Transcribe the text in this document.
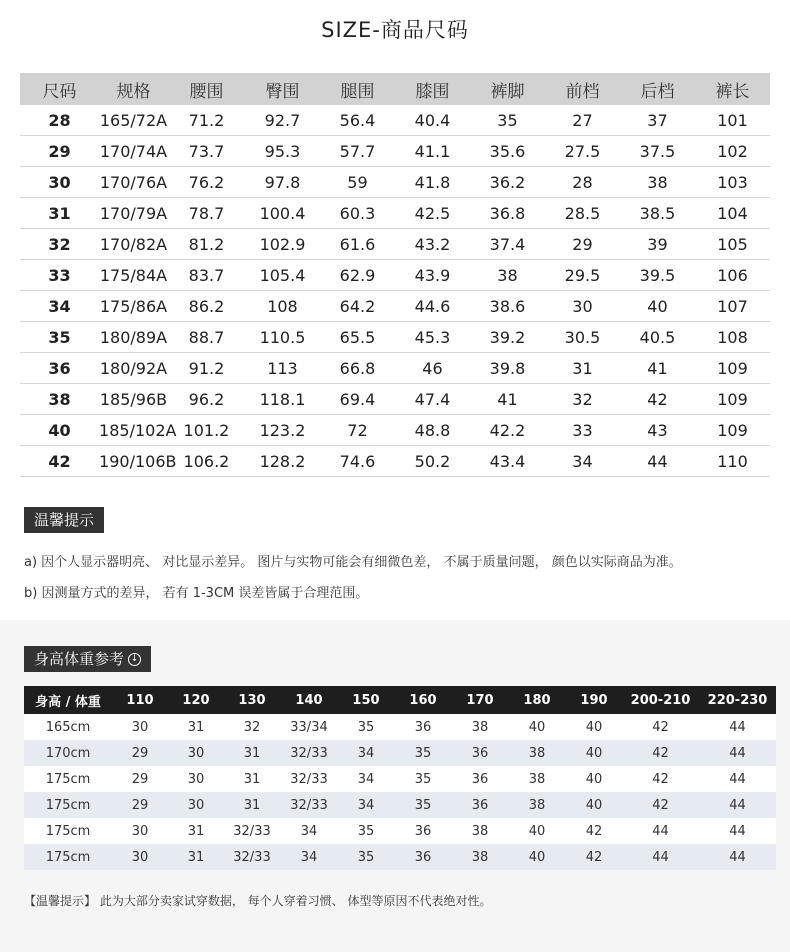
SIZE-商品尺码
尺码	规格	腰围	臀围	腿围	膝围	裤脚	前档	后档	裤长
28	165/72A	71.2	92.7	56.4	40.4	35	27	37	101
29	170/74A	73.7	95.3	57.7	41.1	35.6	27.5	37.5	102
30	170/76A	76.2	97.8	59	41.8	36.2	28	38	103
31	170/79A	78.7	100.4	60.3	42.5	36.8	28.5	38.5	104
32	170/82A	81.2	102.9	61.6	43.2	37.4	29	39	105
33	175/84A	83.7	105.4	62.9	43.9	38	29.5	39.5	106
34	175/86A	86.2	108	64.2	44.6	38.6	30	40	107
35	180/89A	88.7	110.5	65.5	45.3	39.2	30.5	40.5	108
36	180/92A	91.2	113	66.8	46	39.8	31	41	109
38	185/96B	96.2	118.1	69.4	47.4	41	32	42	109
40	185/102A	101.2	123.2	72	48.8	42.2	33	43	109
42	190/106B	106.2	128.2	74.6	50.2	43.4	34	44	110
温馨提示
a) 因个人显示器明亮、 对比显示差异。 图片与实物可能会有细微色差， 不属于质量问题， 颜色以实际商品为准。
b) 因测量方式的差异， 若有 1-3CM 误差皆属于合理范围。
身高体重参考 ↓
身高 / 体重	110	120	130	140	150	160	170	180	190	200-210	220-230
165cm	30	31	32	33/34	35	36	38	40	40	42	44
170cm	29	30	31	32/33	34	35	36	38	40	42	44
175cm	29	30	31	32/33	34	35	36	38	40	42	44
175cm	29	30	31	32/33	34	35	36	38	40	42	44
175cm	30	31	32/33	34	35	36	38	40	42	44	44
175cm	30	31	32/33	34	35	36	38	40	42	44	44
【温馨提示】 此为大部分卖家试穿数据， 每个人穿着习惯、 体型等原因不代表绝对性。
